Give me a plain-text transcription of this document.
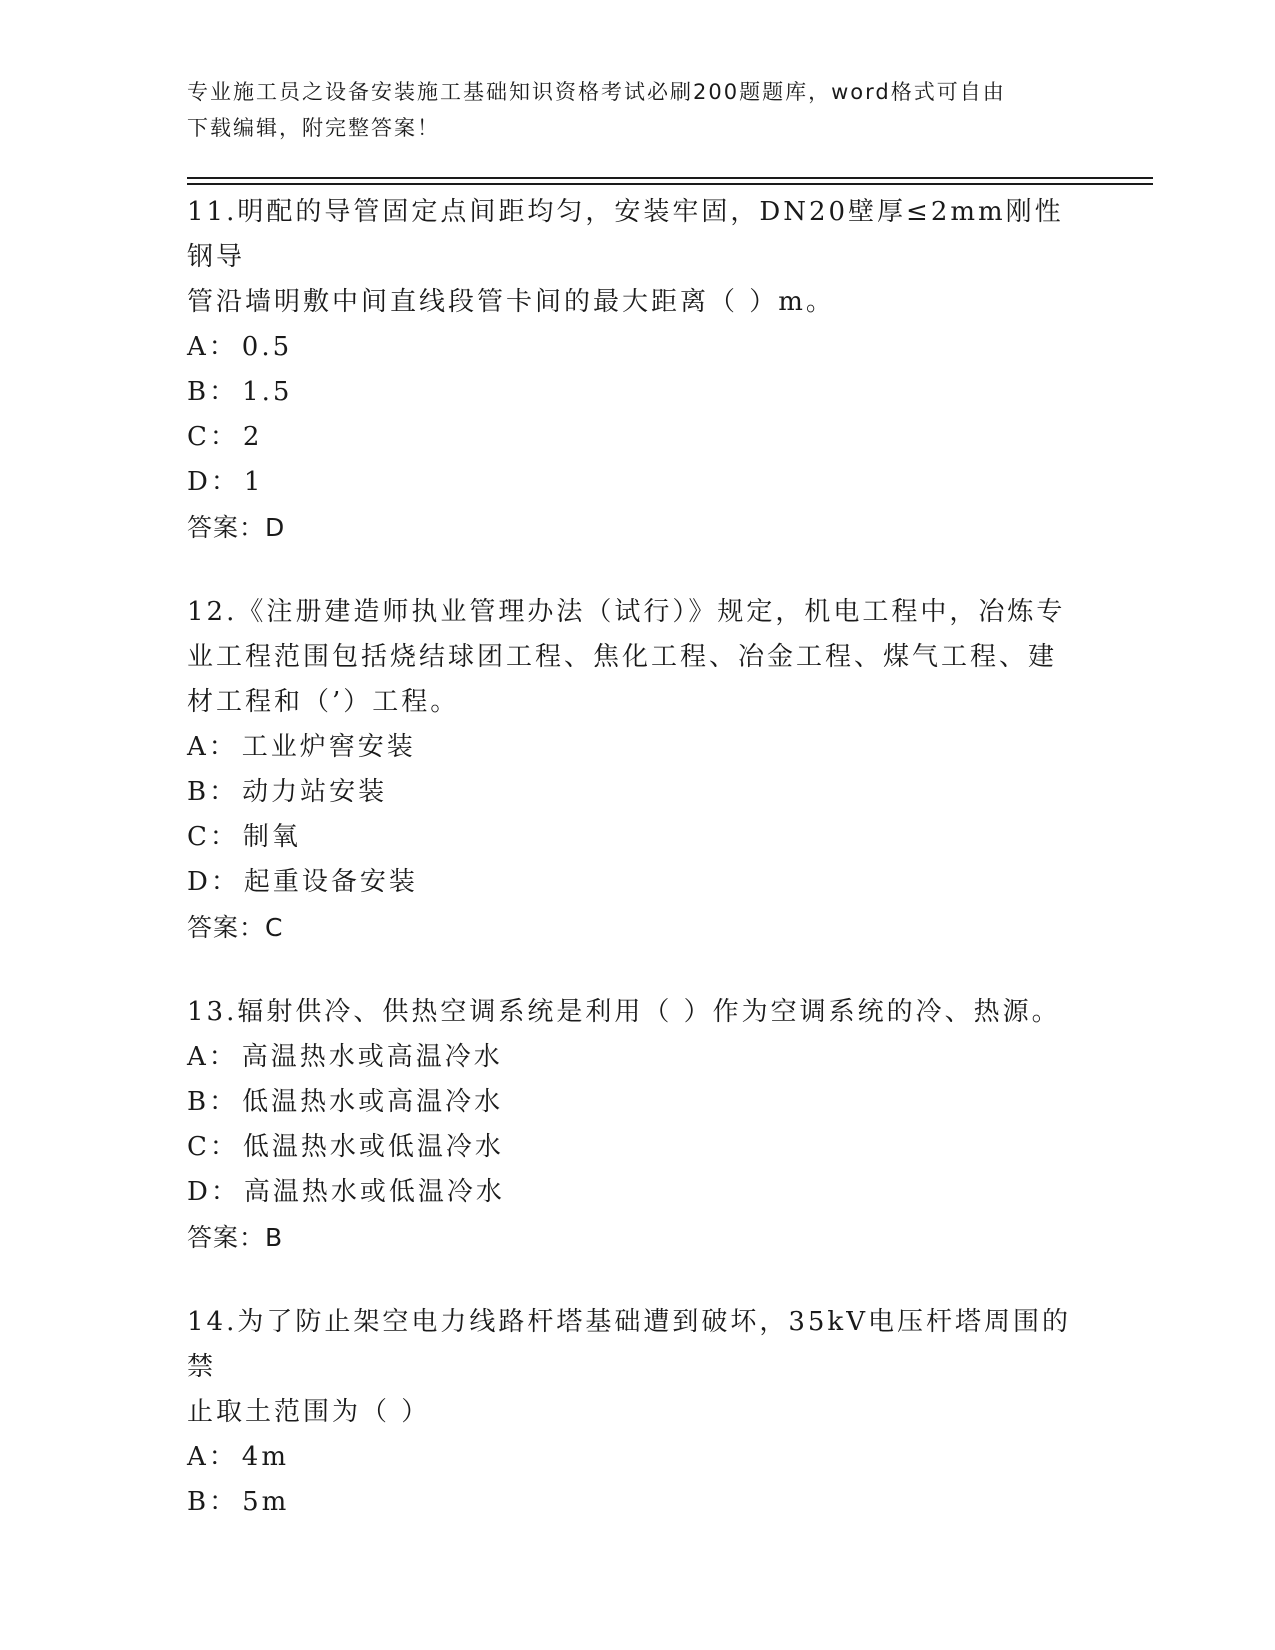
专业施工员之设备安装施工基础知识资格考试必刷200题题库，word格式可自由
下载编辑，附完整答案！
11.明配的导管固定点间距均匀，安装牢固，DN20壁厚≤2mm刚性钢导
管沿墙明敷中间直线段管卡间的最大距离（ ）m。
A： 0.5
B： 1.5
C： 2
D： 1
答案：D
12.《注册建造师执业管理办法（试行）》规定，机电工程中，冶炼专
业工程范围包括烧结球团工程、焦化工程、冶金工程、煤气工程、建
材工程和（’）工程。
A： 工业炉窖安装
B： 动力站安装
C： 制氧
D： 起重设备安装
答案：C
13.辐射供冷、供热空调系统是利用（ ）作为空调系统的冷、热源。
A： 高温热水或高温冷水
B： 低温热水或高温冷水
C： 低温热水或低温冷水
D： 高温热水或低温冷水
答案：B
14.为了防止架空电力线路杆塔基础遭到破坏，35kV电压杆塔周围的禁
止取土范围为（ ）
A： 4m
B： 5m
